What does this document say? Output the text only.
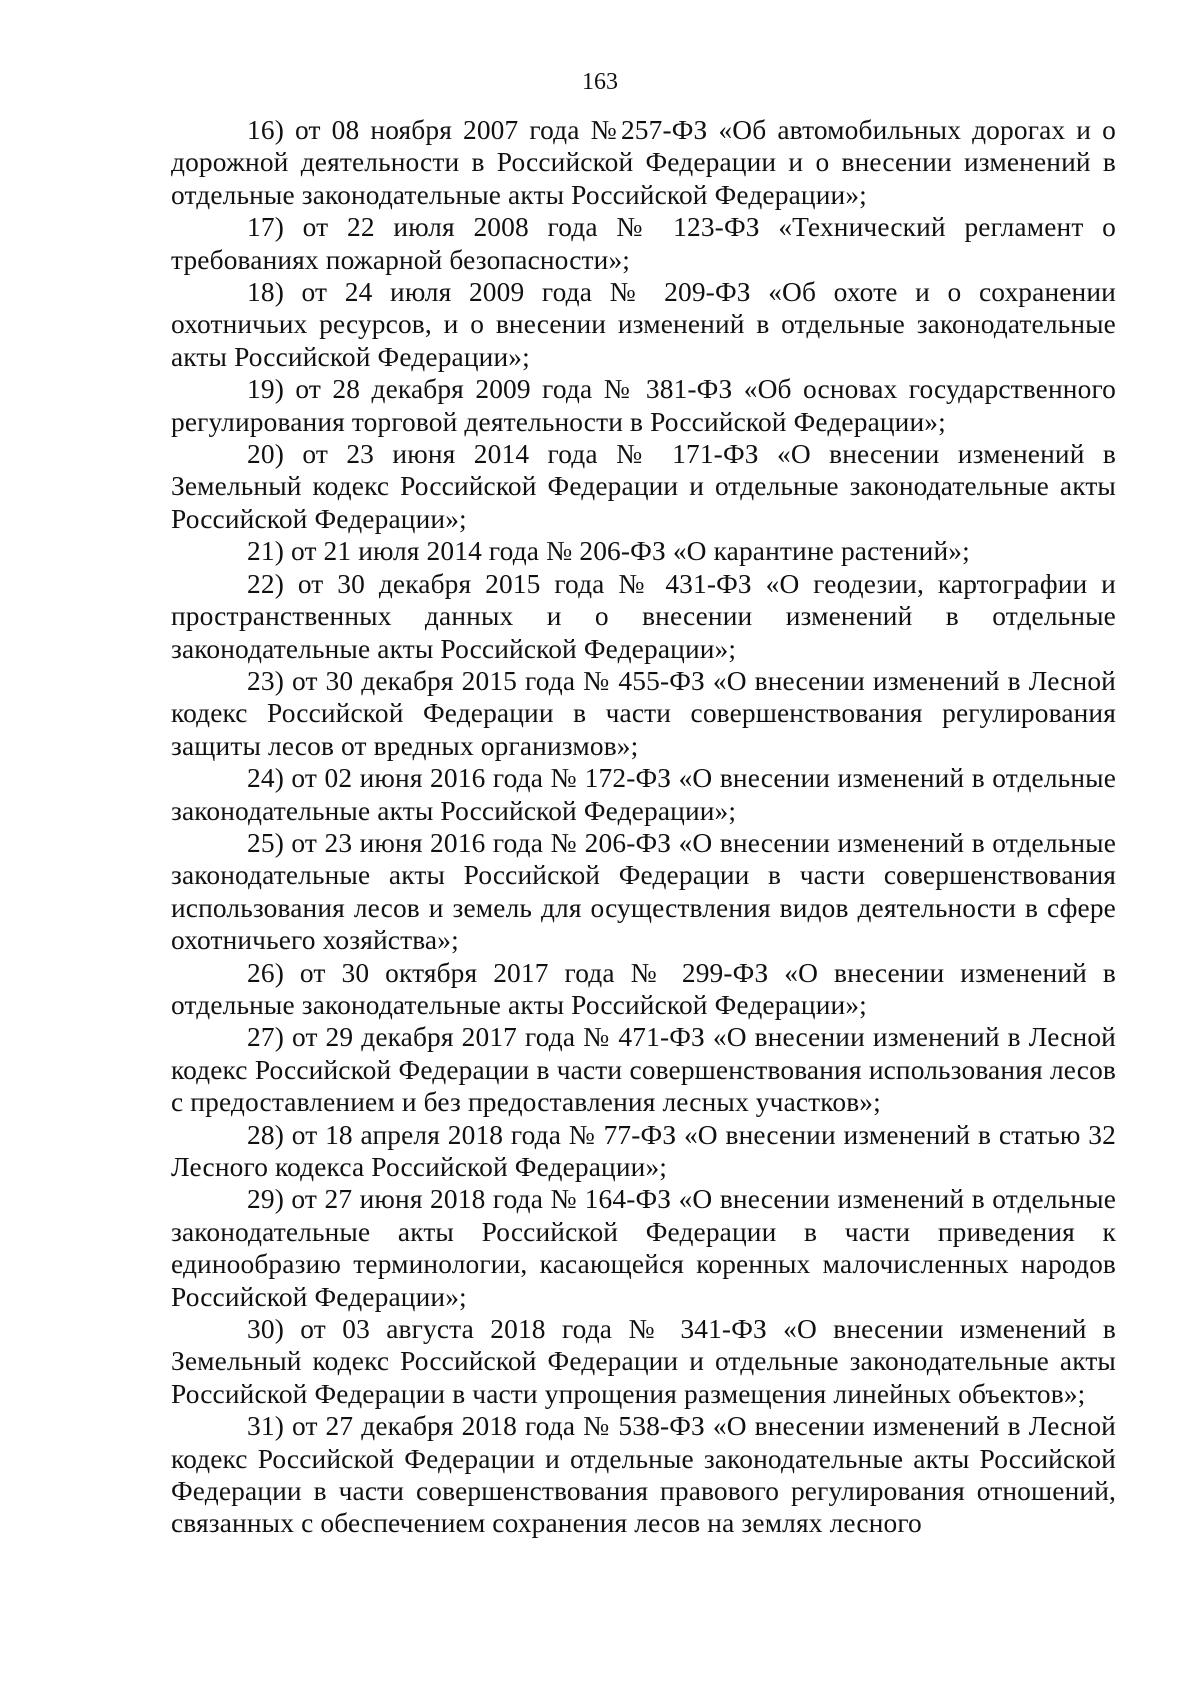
163

16) от 08 ноября 2007 года №257-ФЗ «Об автомобильных дорогах и о дорожной деятельности в Российской Федерации и о внесении изменений в отдельные законодательные акты Российской Федерации»;

17) от 22 июля 2008 года № 123-ФЗ «Технический регламент о требованиях пожарной безопасности»;

18) от 24 июля 2009 года № 209-ФЗ «Об охоте и о сохранении охотничьих ресурсов, и о внесении изменений в отдельные законодательные акты Российской Федерации»;

19) от 28 декабря 2009 года № 381-ФЗ «Об основах государственного регулирования торговой деятельности в Российской Федерации»;

20) от 23 июня 2014 года № 171-ФЗ «О внесении изменений в Земельный кодекс Российской Федерации и отдельные законодательные акты Российской Федерации»;

21) от 21 июля 2014 года № 206-ФЗ «О карантине растений»;

22) от 30 декабря 2015 года № 431-ФЗ «О геодезии, картографии и пространственных данных и о внесении изменений в отдельные законодательные акты Российской Федерации»;

23) от 30 декабря 2015 года № 455-ФЗ «О внесении изменений в Лесной кодекс Российской Федерации в части совершенствования регулирования защиты лесов от вредных организмов»;

24) от 02 июня 2016 года № 172-ФЗ «О внесении изменений в отдельные законодательные акты Российской Федерации»;

25) от 23 июня 2016 года № 206-ФЗ «О внесении изменений в отдельные законодательные акты Российской Федерации в части совершенствования использования лесов и земель для осуществления видов деятельности в сфере охотничьего хозяйства»;

26) от 30 октября 2017 года № 299-ФЗ «О внесении изменений в отдельные законодательные акты Российской Федерации»;

27) от 29 декабря 2017 года № 471-ФЗ «О внесении изменений в Лесной кодекс Российской Федерации в части совершенствования использования лесов с предоставлением и без предоставления лесных участков»;

28) от 18 апреля 2018 года № 77-ФЗ «О внесении изменений в статью 32 Лесного кодекса Российской Федерации»;

29) от 27 июня 2018 года № 164-ФЗ «О внесении изменений в отдельные законодательные акты Российской Федерации в части приведения к единообразию терминологии, касающейся коренных малочисленных народов Российской Федерации»;

30) от 03 августа 2018 года № 341-ФЗ «О внесении изменений в Земельный кодекс Российской Федерации и отдельные законодательные акты Российской Федерации в части упрощения размещения линейных объектов»;

31) от 27 декабря 2018 года № 538-ФЗ «О внесении изменений в Лесной кодекс Российской Федерации и отдельные законодательные акты Российской Федерации в части совершенствования правового регулирования отношений, связанных с обеспечением сохранения лесов на землях лесного
